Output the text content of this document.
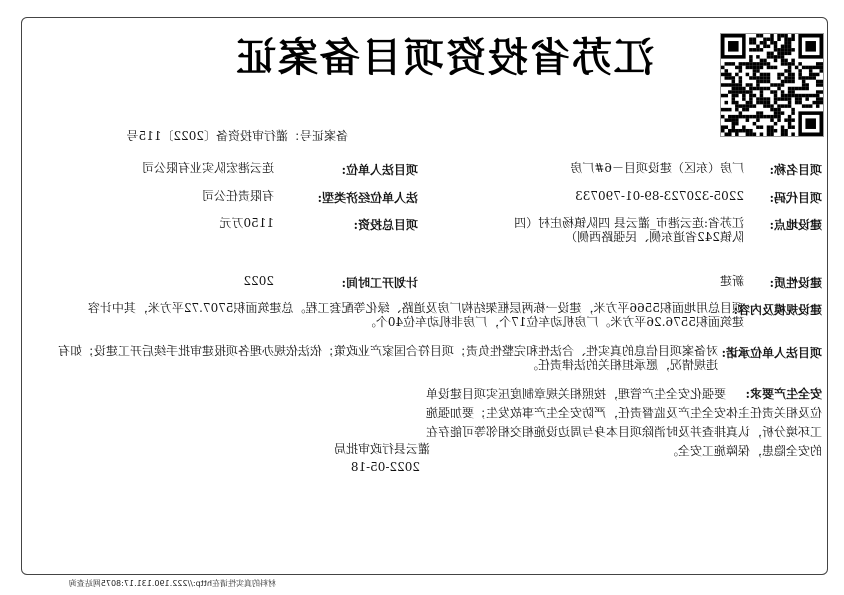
江苏省投资项目备案证
备案证号：灌行审投资备〔2022〕115号
项目名称:
厂房（东区）建设项目－6#厂房
项目法人单位:
连云港宏队实业有限公司
项目代码:
2205-320723-89-01-790733
法人单位经济类型:
有限责任公司
建设地点:
江苏省:连云港市_灌云县 四队镇杨庄村（四队镇242省道东侧、民强路西侧）
项目总投资:
1150万元
建设性质:
新建
计划开工时间:
2022
建设规模及内容:
项目总用地面积5566平方米，建设一栋两层框架结构厂房及道路、绿化等配套工程。总建筑面积5707.72平方米，其中计容建筑面积5576.26平方米。厂房机动车位17个，厂房非机动车位40个。
项目法人单位承诺:
对备案项目信息的真实性、合法性和完整性负责；项目符合国家产业政策；依法依规办理各项报建审批手续后开工建设；如有违规情况，愿承担相关的法律责任。
安全生产要求:
要强化安全生产管理，按照相关规章制度压实项目建设单位及相关责任主体安全生产及监督责任，严防安全生产事故发生；要加强施工环境分析，认真排查并及时消除项目本身与周边设施相交相邻等可能存在的安全隐患，保障施工安全。
灌云县行政审批局
2022-05-18
材料的真实性请在http://222.190.131.17:8075网站查询
